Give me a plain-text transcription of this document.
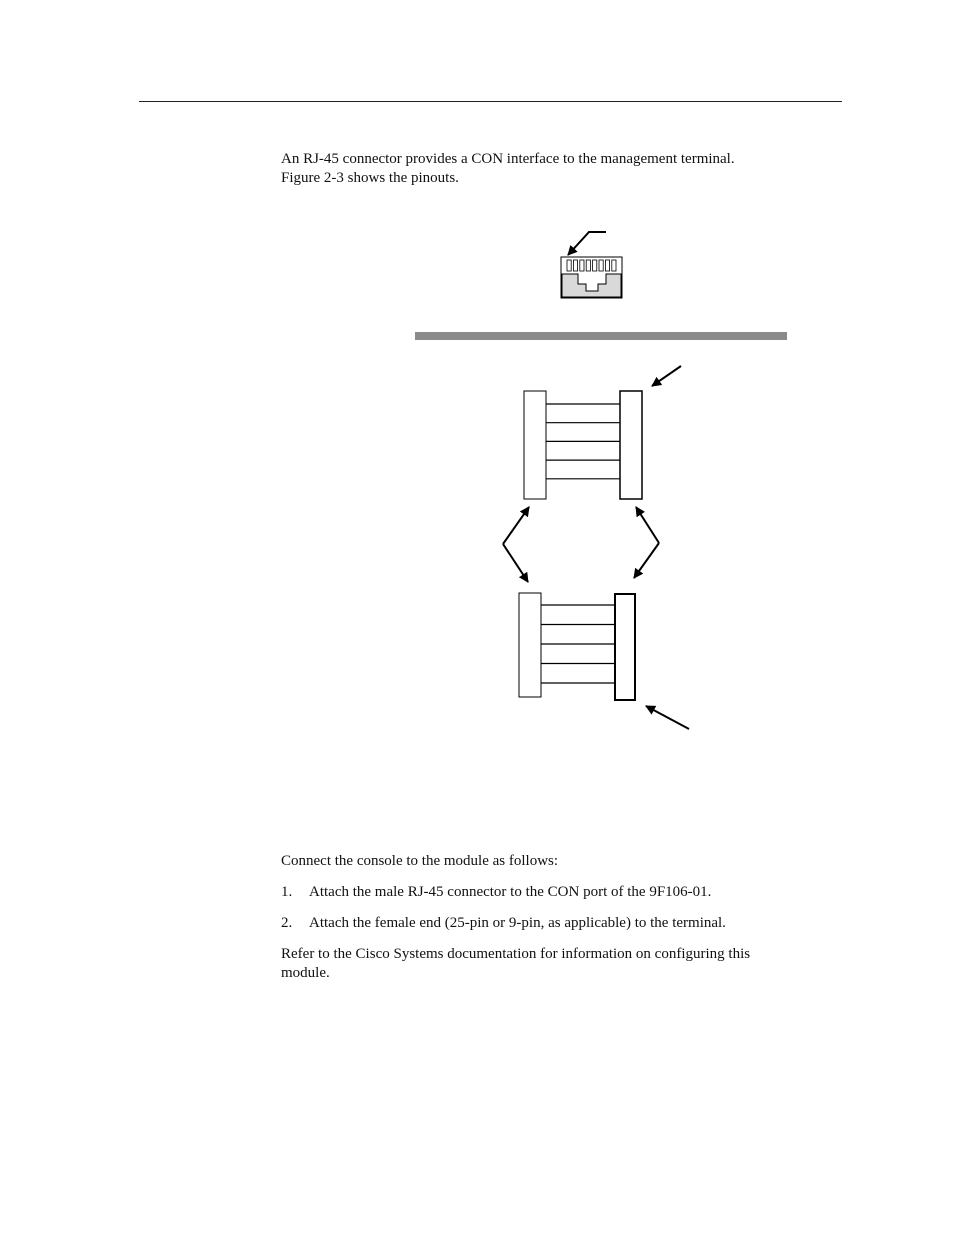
An RJ-45 connector provides a CON interface to the management terminal.

Figure 2-3 shows the pinouts.

Connect the console to the module as follows:
1. Attach the male RJ-45 connector to the CON port of the 9F106-01.
2. Attach the female end (25-pin or 9-pin, as applicable) to the terminal.

Refer to the Cisco Systems documentation for information on configuring this

module.
